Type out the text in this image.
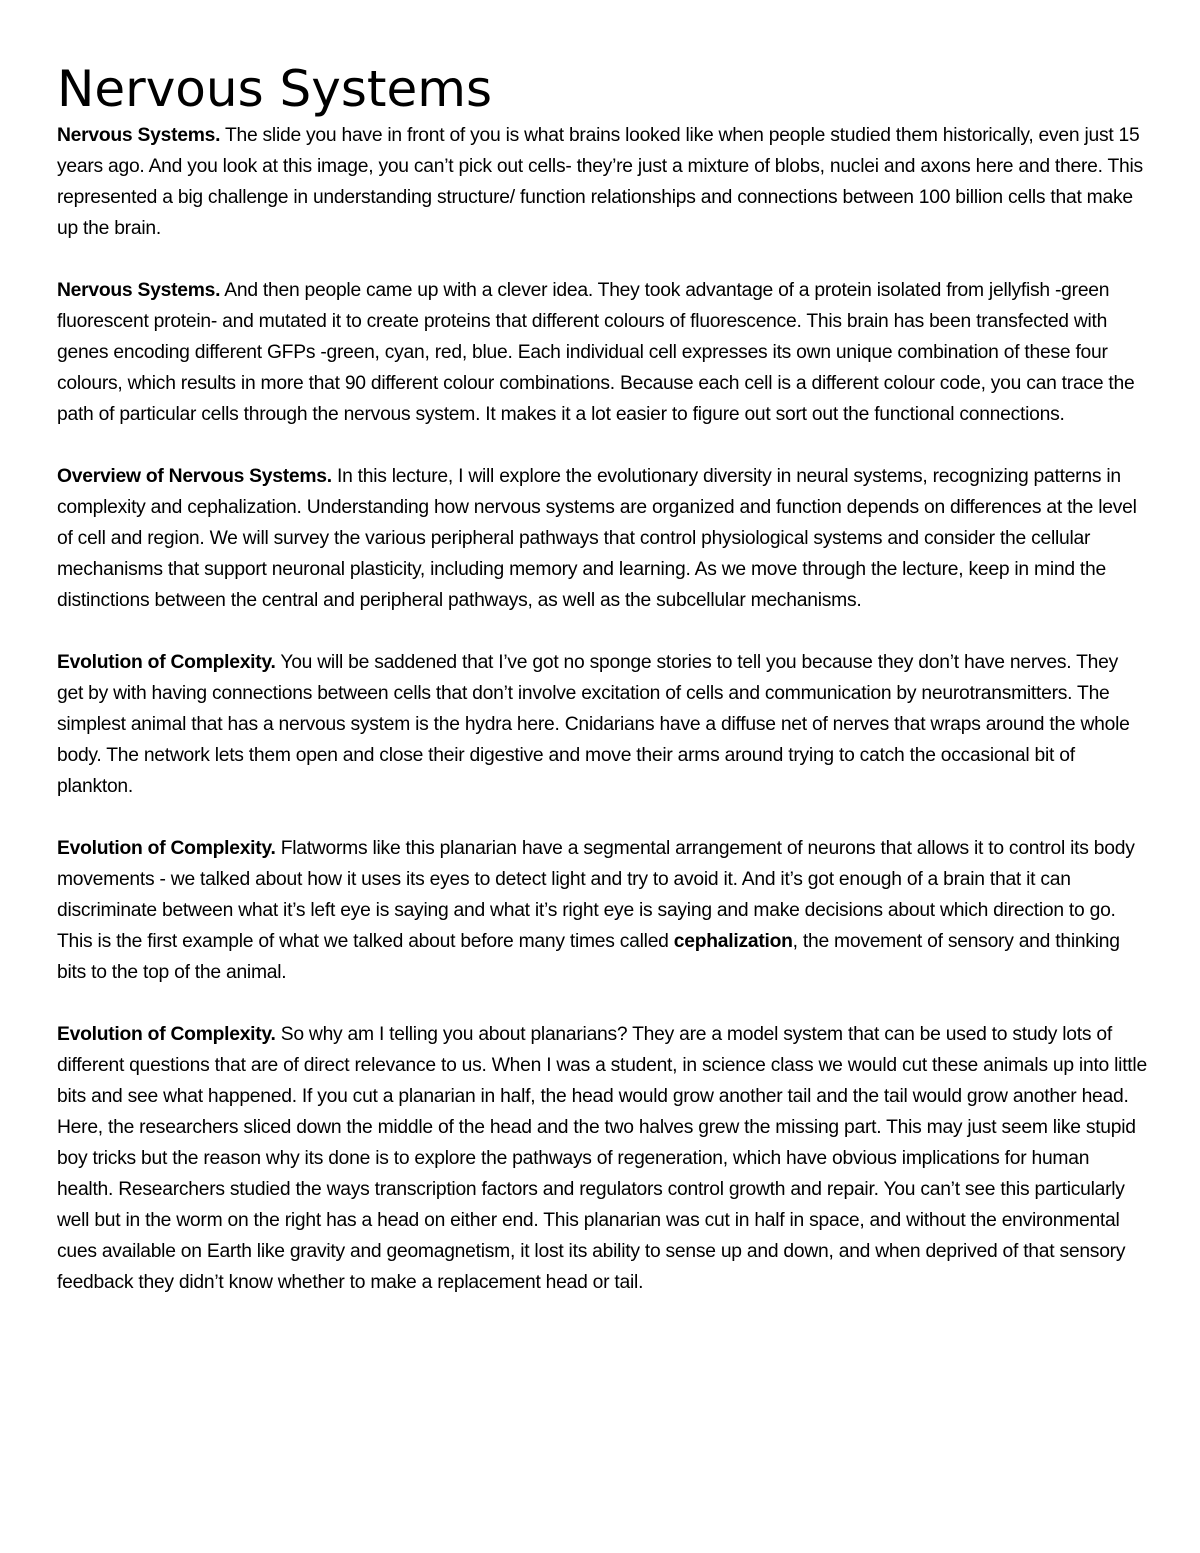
Nervous Systems

Nervous Systems. The slide you have in front of you is what brains looked like when people studied them historically, even just 15 years ago. And you look at this image, you can’t pick out cells- they’re just a mixture of blobs, nuclei and axons here and there. This represented a big challenge in understanding structure/ function relationships and connections between 100 billion cells that make up the brain.

Nervous Systems. And then people came up with a clever idea. They took advantage of a protein isolated from jellyfish -green fluorescent protein- and mutated it to create proteins that different colours of fluorescence. This brain has been transfected with genes encoding different GFPs -green, cyan, red, blue. Each individual cell expresses its own unique combination of these four colours, which results in more that 90 different colour combinations. Because each cell is a different colour code, you can trace the path of particular cells through the nervous system. It makes it a lot easier to figure out sort out the functional connections.

Overview of Nervous Systems. In this lecture, I will explore the evolutionary diversity in neural systems, recognizing patterns in complexity and cephalization. Understanding how nervous systems are organized and function depends on differences at the level of cell and region. We will survey the various peripheral pathways that control physiological systems and consider the cellular mechanisms that support neuronal plasticity, including memory and learning. As we move through the lecture, keep in mind the distinctions between the central and peripheral pathways, as well as the subcellular mechanisms.

Evolution of Complexity. You will be saddened that I’ve got no sponge stories to tell you because they don’t have nerves. They get by with having connections between cells that don’t involve excitation of cells and communication by neurotransmitters. The simplest animal that has a nervous system is the hydra here. Cnidarians have a diffuse net of nerves that wraps around the whole body. The network lets them open and close their digestive and move their arms around trying to catch the occasional bit of plankton.

Evolution of Complexity. Flatworms like this planarian have a segmental arrangement of neurons that allows it to control its body movements - we talked about how it uses its eyes to detect light and try to avoid it. And it’s got enough of a brain that it can discriminate between what it’s left eye is saying and what it’s right eye is saying and make decisions about which direction to go. This is the first example of what we talked about before many times called cephalization, the movement of sensory and thinking bits to the top of the animal.

Evolution of Complexity. So why am I telling you about planarians? They are a model system that can be used to study lots of different questions that are of direct relevance to us. When I was a student, in science class we would cut these animals up into little bits and see what happened. If you cut a planarian in half, the head would grow another tail and the tail would grow another head. Here, the researchers sliced down the middle of the head and the two halves grew the missing part. This may just seem like stupid boy tricks but the reason why its done is to explore the pathways of regeneration, which have obvious implications for human health. Researchers studied the ways transcription factors and regulators control growth and repair. You can’t see this particularly well but in the worm on the right has a head on either end. This planarian was cut in half in space, and without the environmental cues available on Earth like gravity and geomagnetism, it lost its ability to sense up and down, and when deprived of that sensory feedback they didn’t know whether to make a replacement head or tail.
